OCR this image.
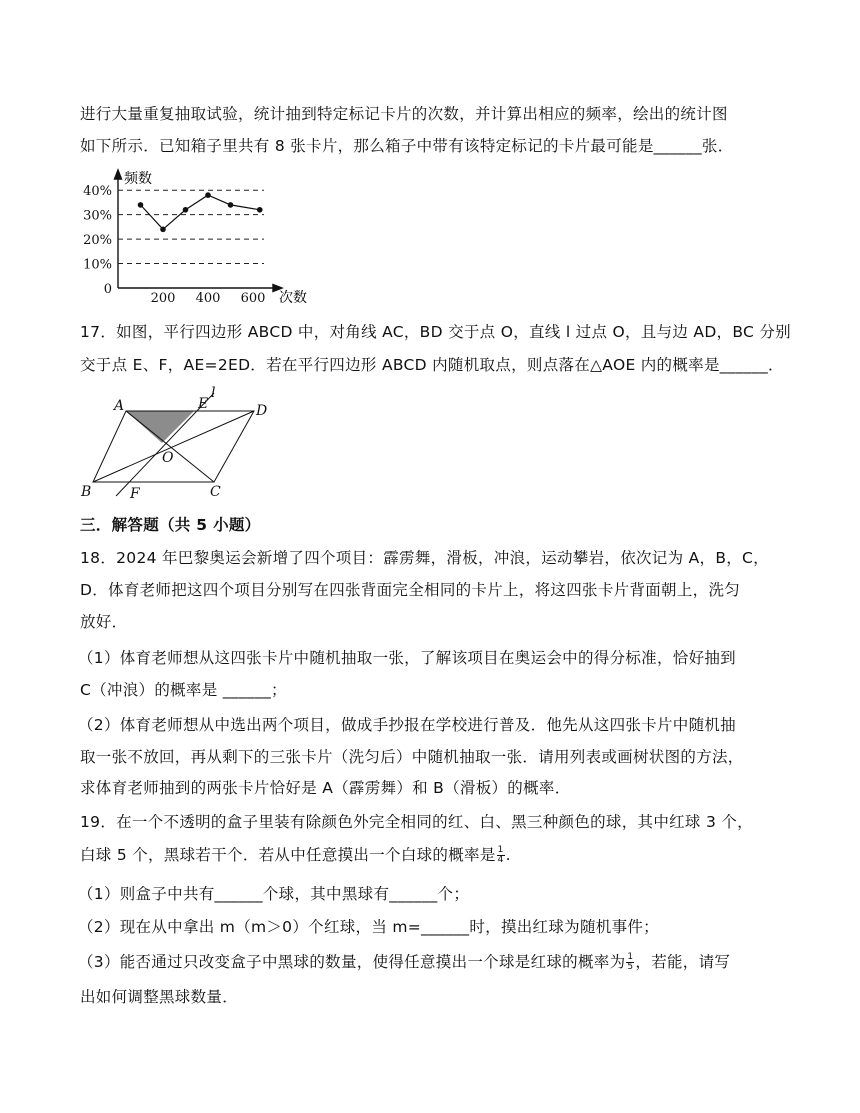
进行大量重复抽取试验，统计抽到特定标记卡片的次数，并计算出相应的频率，绘出的统计图
如下所示．已知箱子里共有 8 张卡片，那么箱子中带有该特定标记的卡片最可能是______张．
40%
30%
20%
10%
0
200 400 600
频数
次数
17．如图，平行四边形 ABCD 中，对角线 AC，BD 交于点 O，直线 l 过点 O，且与边 AD，BC 分别
交于点 E、F，AE=2ED．若在平行四边形 ABCD 内随机取点，则点落在△AOE 内的概率是______．
A	E
l
D
O
B	F	C
三．解答题（共 5 小题）
18．2024 年巴黎奥运会新增了四个项目：霹雳舞，滑板，冲浪，运动攀岩，依次记为 A，B，C，
D．体育老师把这四个项目分别写在四张背面完全相同的卡片上，将这四张卡片背面朝上，洗匀
放好．
（1）体育老师想从这四张卡片中随机抽取一张，了解该项目在奥运会中的得分标准，恰好抽到
C（冲浪）的概率是 ______；
（2）体育老师想从中选出两个项目，做成手抄报在学校进行普及．他先从这四张卡片中随机抽
取一张不放回，再从剩下的三张卡片（洗匀后）中随机抽取一张．请用列表或画树状图的方法，
求体育老师抽到的两张卡片恰好是 A（霹雳舞）和 B（滑板）的概率．
19．在一个不透明的盒子里装有除颜色外完全相同的红、白、黑三种颜色的球，其中红球 3 个，
白球 5 个，黑球若干个．若从中任意摸出一个白球的概率是 $\frac{1}{4}$ .
（1）则盒子中共有______个球，其中黑球有______个；
（2）现在从中拿出 m（m＞0）个红球，当 m=______时，摸出红球为随机事件；
（3）能否通过只改变盒子中黑球的数量，使得任意摸出一个球是红球的概率为 $\frac{1}{5}$ ，若能，请写
出如何调整黑球数量．
